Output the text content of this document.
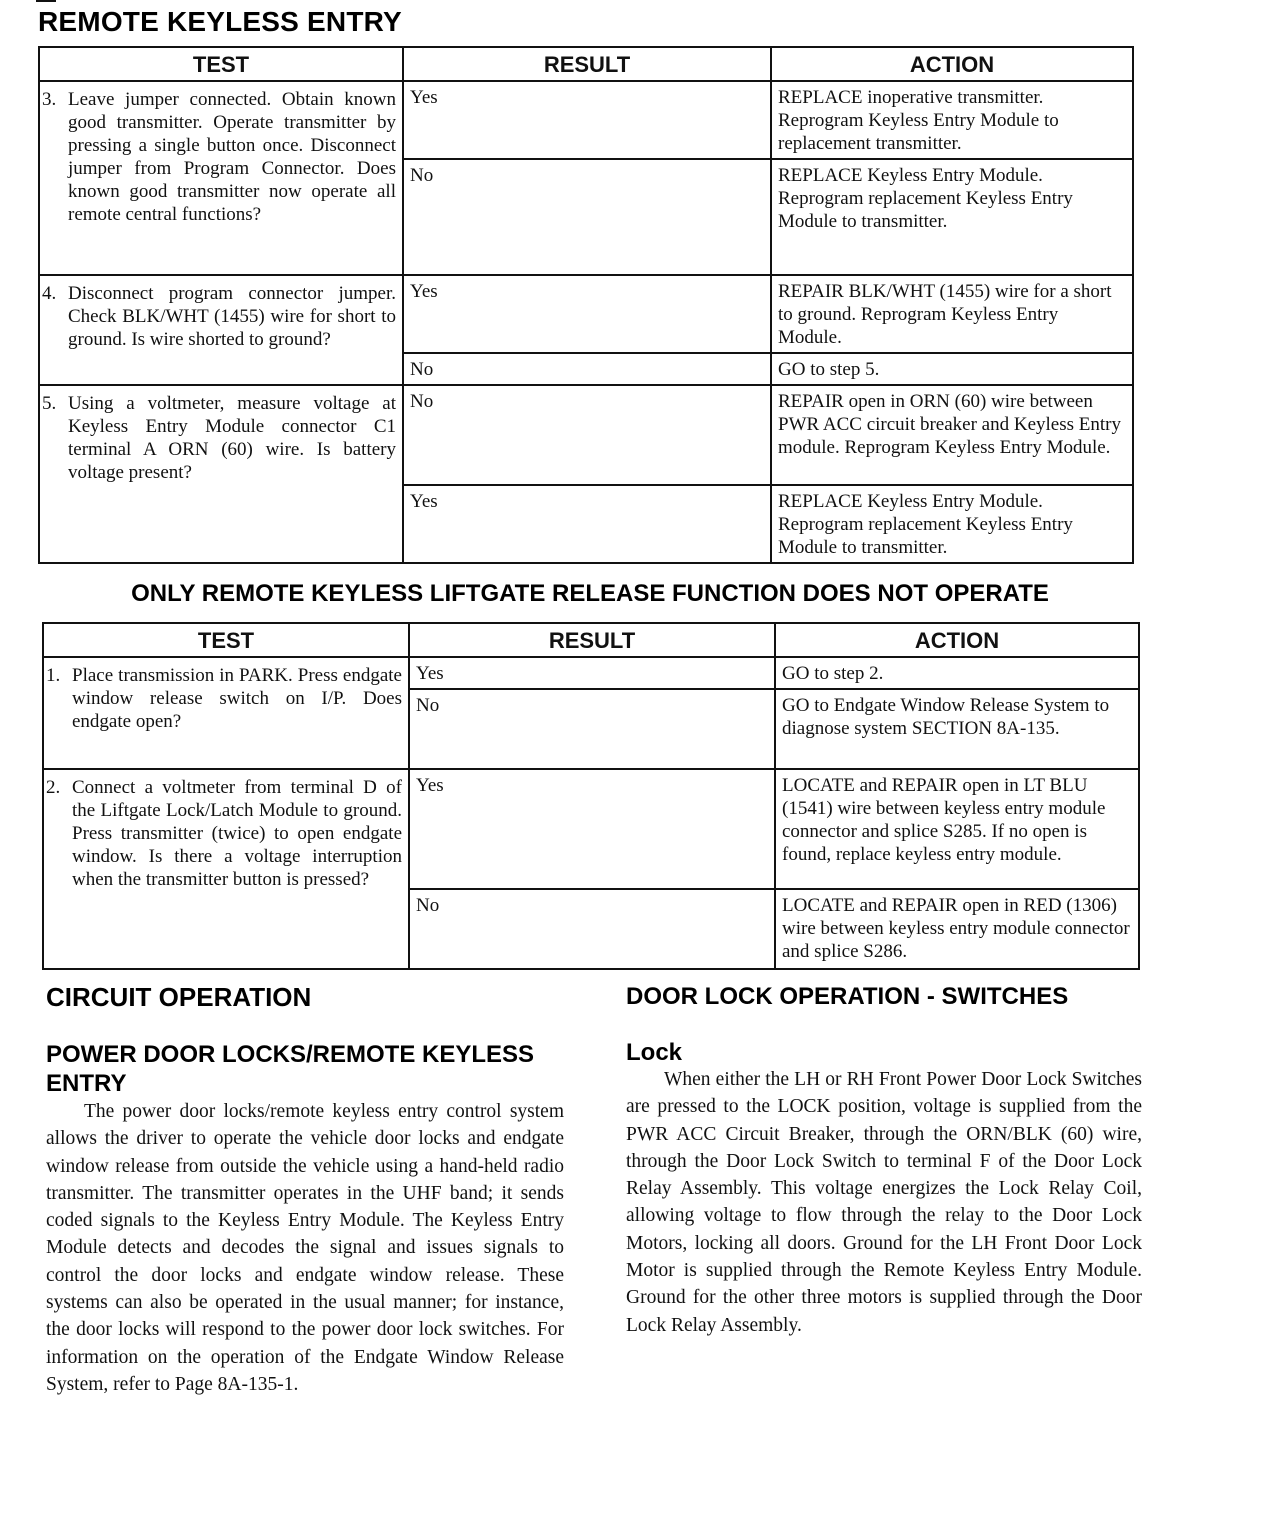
REMOTE KEYLESS ENTRY
TEST	RESULT	ACTION

3. Leave jumper connected. Obtain known good transmitter. Operate transmitter by pressing a single button once. Disconnect jumper from Program Connector. Does known good transmitter now operate all remote central functions?	Yes	REPLACE inoperative transmitter. Reprogram Keyless Entry Module to replacement transmitter.
	No	REPLACE Keyless Entry Module. Reprogram replacement Keyless Entry Module to transmitter.

4. Disconnect program connector jumper. Check BLK/WHT (1455) wire for short to ground. Is wire shorted to ground?	Yes	REPAIR BLK/WHT (1455) wire for a short to ground. Reprogram Keyless Entry Module.
	No	GO to step 5.

5. Using a voltmeter, measure voltage at Keyless Entry Module connector C1 terminal A ORN (60) wire. Is battery voltage present?	No	REPAIR open in ORN (60) wire between PWR ACC circuit breaker and Keyless Entry module. Reprogram Keyless Entry Module.
	Yes	REPLACE Keyless Entry Module. Reprogram replacement Keyless Entry Module to transmitter.
ONLY REMOTE KEYLESS LIFTGATE RELEASE FUNCTION DOES NOT OPERATE
TEST	RESULT	ACTION

1. Place transmission in PARK. Press endgate window release switch on I/P. Does endgate open?	Yes	GO to step 2.
	No	GO to Endgate Window Release System to diagnose system SECTION 8A-135.

2. Connect a voltmeter from terminal D of the Liftgate Lock/Latch Module to ground. Press transmitter (twice) to open endgate window. Is there a voltage interruption when the transmitter button is pressed?	Yes	LOCATE and REPAIR open in LT BLU (1541) wire between keyless entry module connector and splice S285. If no open is found, replace keyless entry module.
	No	LOCATE and REPAIR open in RED (1306) wire between keyless entry module connector and splice S286.
CIRCUIT OPERATION
POWER DOOR LOCKS/REMOTE KEYLESS ENTRY

The power door locks/remote keyless entry control system allows the driver to operate the vehicle door locks and endgate window release from outside the vehicle using a hand-held radio transmitter. The transmitter operates in the UHF band; it sends coded signals to the Keyless Entry Module. The Keyless Entry Module detects and decodes the signal and issues signals to control the door locks and endgate window release. These systems can also be operated in the usual manner; for instance, the door locks will respond to the power door lock switches. For information on the operation of the Endgate Window Release System, refer to Page 8A-135-1.

DOOR LOCK OPERATION - SWITCHES
Lock

When either the LH or RH Front Power Door Lock Switches are pressed to the LOCK position, voltage is supplied from the PWR ACC Circuit Breaker, through the ORN/BLK (60) wire, through the Door Lock Switch to terminal F of the Door Lock Relay Assembly. This voltage energizes the Lock Relay Coil, allowing voltage to flow through the relay to the Door Lock Motors, locking all doors. Ground for the LH Front Door Lock Motor is supplied through the Remote Keyless Entry Module. Ground for the other three motors is supplied through the Door Lock Relay Assembly.
